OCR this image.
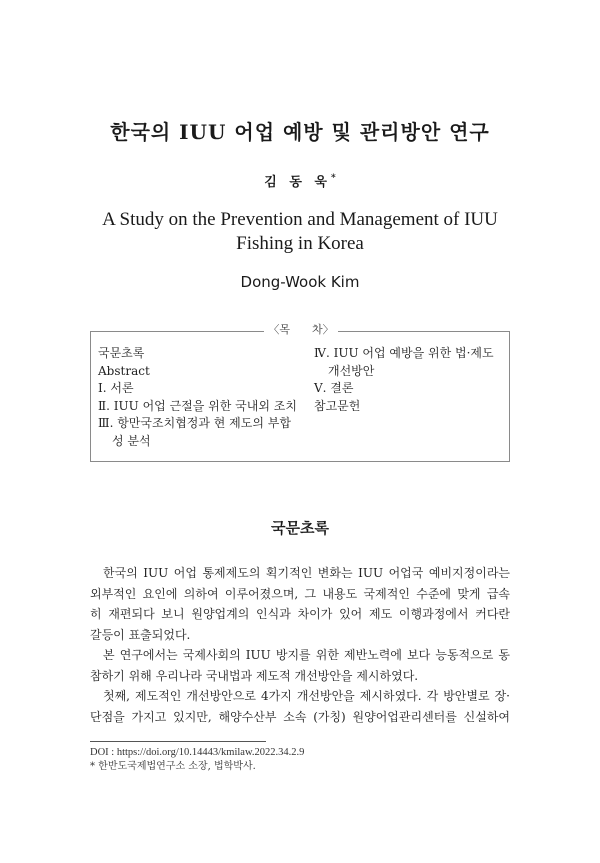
한국의 IUU 어업 예방 및 관리방안 연구
김 동 욱*
A Study on the Prevention and Management of IUU
Fishing in Korea
Dong-Wook Kim
〈목　　차〉
국문초록
Abstract
Ⅰ. 서론
Ⅱ. IUU 어업 근절을 위한 국내외 조치
Ⅲ. 항만국조치협정과 현 제도의 부합
성 분석
Ⅳ. IUU 어업 예방을 위한 법·제도
개선방안
Ⅴ. 결론
참고문헌
국문초록
한국의 IUU 어업 통제제도의 획기적인 변화는 IUU 어업국 예비지정이라는
외부적인 요인에 의하여 이루어졌으며, 그 내용도 국제적인 수준에 맞게 급속
히 재편되다 보니 원양업계의 인식과 차이가 있어 제도 이행과정에서 커다란
갈등이 표출되었다.
본 연구에서는 국제사회의 IUU 방지를 위한 제반노력에 보다 능동적으로 동
참하기 위해 우리나라 국내법과 제도적 개선방안을 제시하였다.
첫째, 제도적인 개선방안으로 4가지 개선방안을 제시하였다. 각 방안별로 장·
단점을 가지고 있지만, 해양수산부 소속 (가칭) 원양어업관리센터를 신설하여
DOI : https://doi.org/10.14443/kmilaw.2022.34.2.9
* 한반도국제법연구소 소장, 법학박사.
